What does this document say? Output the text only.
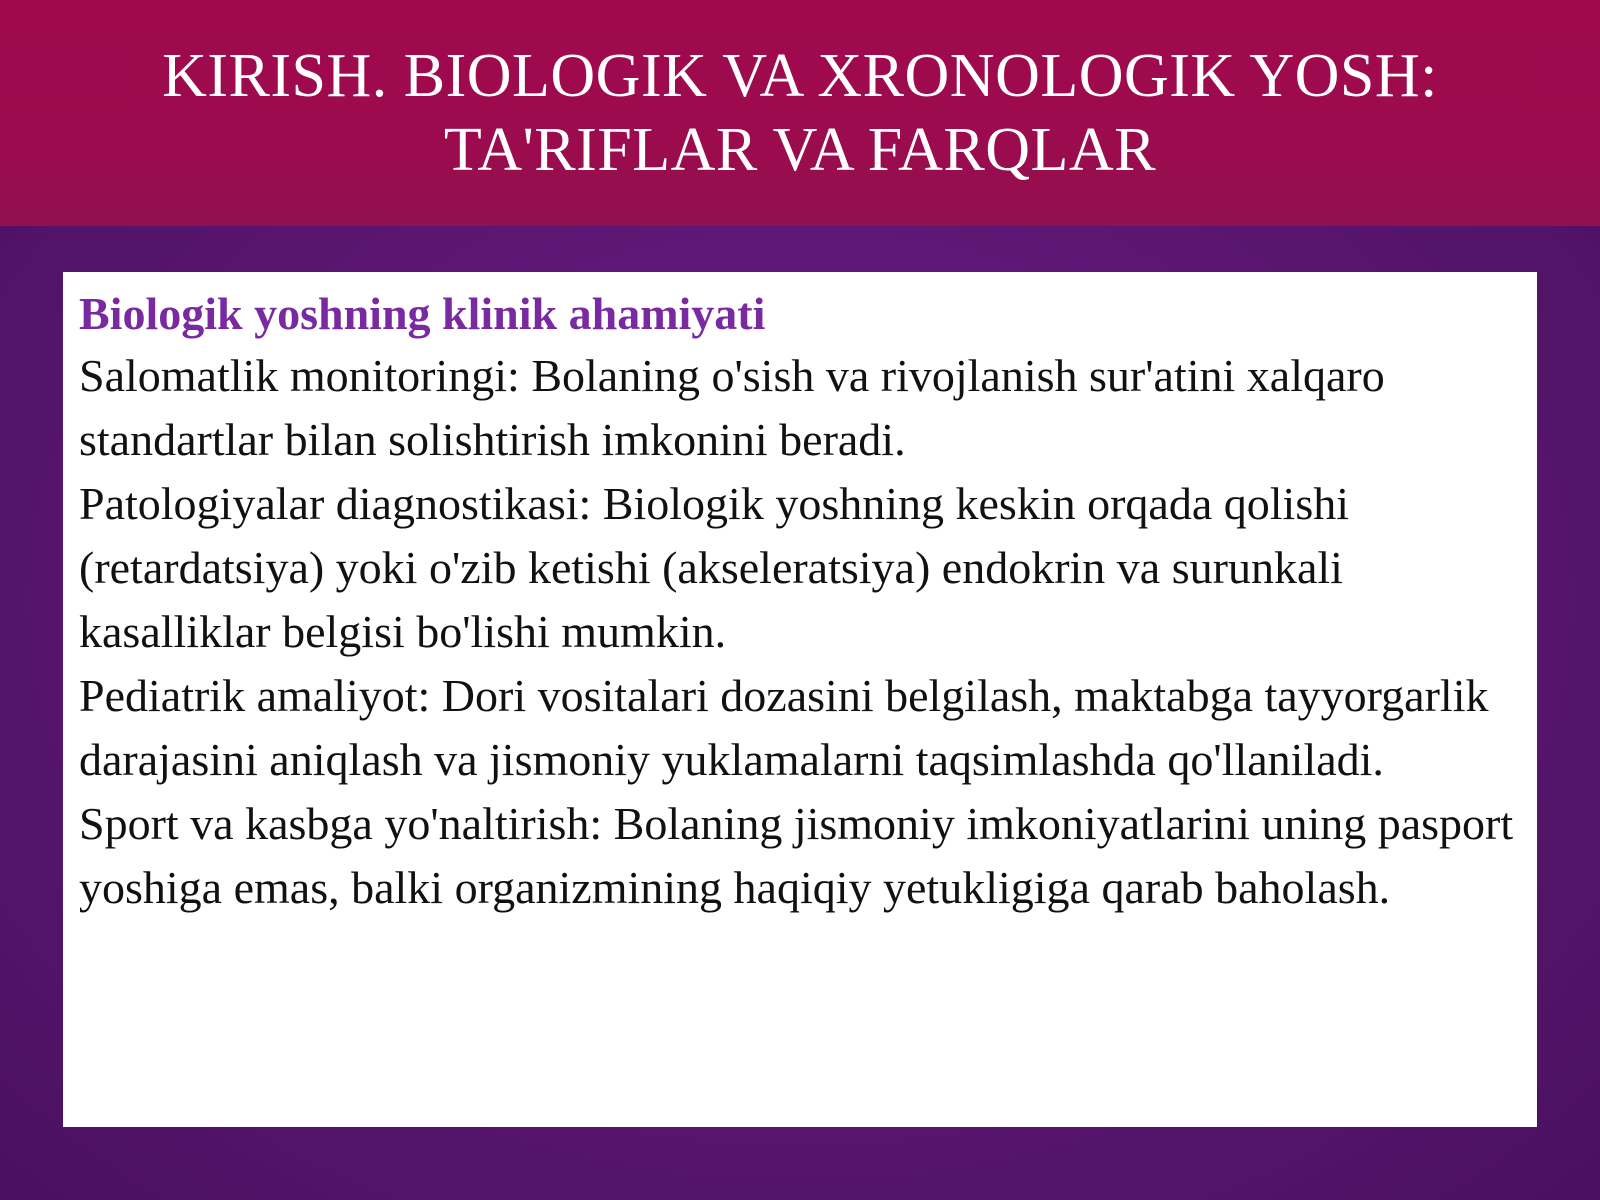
KIRISH. BIOLOGIK VA XRONOLOGIK YOSH:
TA'RIFLAR VA FARQLAR
Biologik yoshning klinik ahamiyati

Salomatlik monitoringi: Bolaning o'sish va rivojlanish sur'atini xalqaro standartlar bilan solishtirish imkonini beradi.

Patologiyalar diagnostikasi: Biologik yoshning keskin orqada qolishi (retardatsiya) yoki o'zib ketishi (akseleratsiya) endokrin va surunkali kasalliklar belgisi bo'lishi mumkin.

Pediatrik amaliyot: Dori vositalari dozasini belgilash, maktabga tayyorgarlik darajasini aniqlash va jismoniy yuklamalarni taqsimlashda qo'llaniladi.

Sport va kasbga yo'naltirish: Bolaning jismoniy imkoniyatlarini uning pasport yoshiga emas, balki organizmining haqiqiy yetukligiga qarab baholash.
